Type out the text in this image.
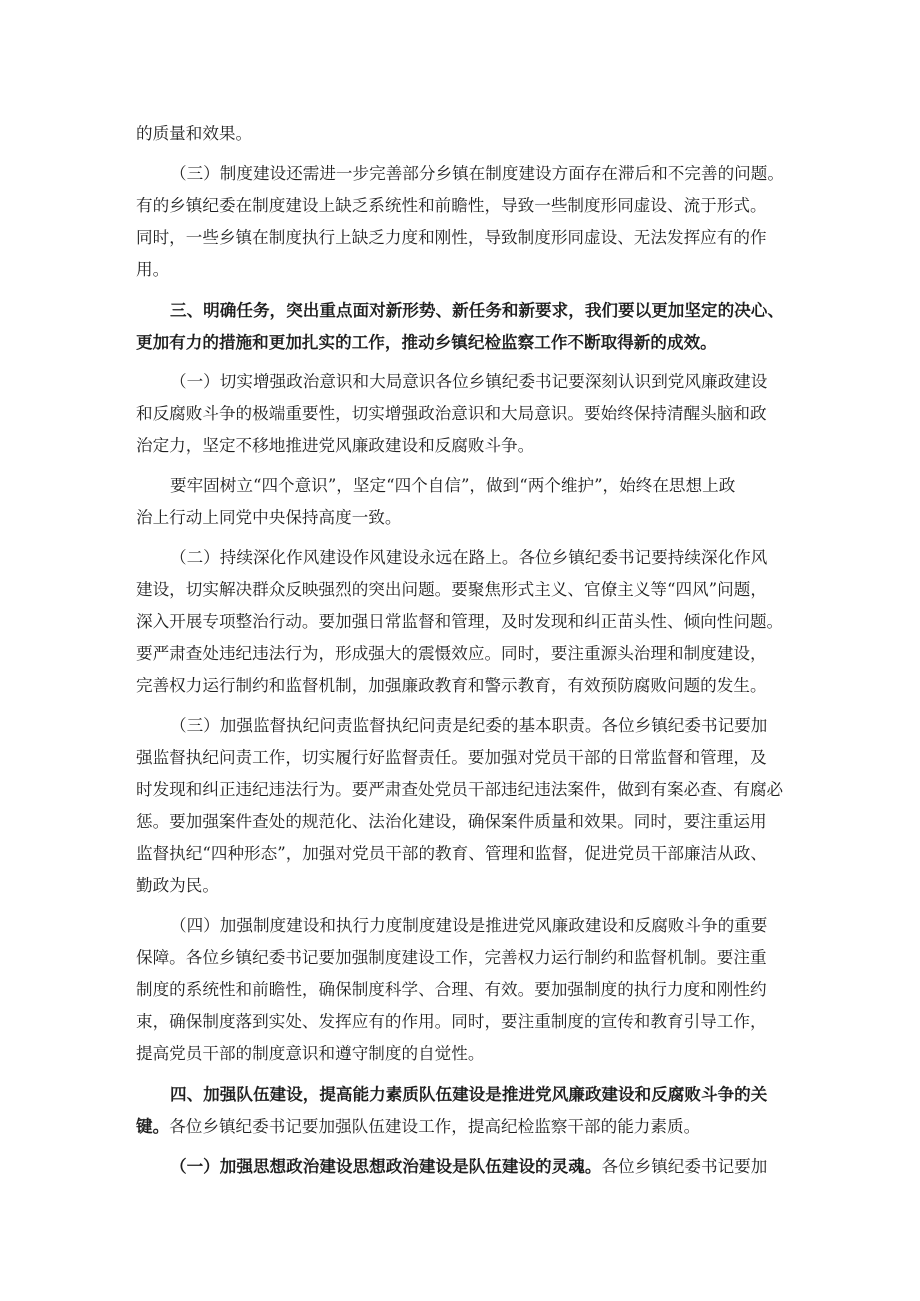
的质量和效果。
（三）制度建设还需进一步完善部分乡镇在制度建设方面存在滞后和不完善的问题。
有的乡镇纪委在制度建设上缺乏系统性和前瞻性，导致一些制度形同虚设、流于形式。
同时，一些乡镇在制度执行上缺乏力度和刚性，导致制度形同虚设、无法发挥应有的作
用。
三、明确任务，突出重点面对新形势、新任务和新要求，我们要以更加坚定的决心、
更加有力的措施和更加扎实的工作，推动乡镇纪检监察工作不断取得新的成效。
（一）切实增强政治意识和大局意识各位乡镇纪委书记要深刻认识到党风廉政建设
和反腐败斗争的极端重要性，切实增强政治意识和大局意识。要始终保持清醒头脑和政
治定力，坚定不移地推进党风廉政建设和反腐败斗争。
要牢固树立“四个意识”，坚定“四个自信”，做到“两个维护”，始终在思想上政
治上行动上同党中央保持高度一致。
（二）持续深化作风建设作风建设永远在路上。各位乡镇纪委书记要持续深化作风
建设，切实解决群众反映强烈的突出问题。要聚焦形式主义、官僚主义等“四风”问题，
深入开展专项整治行动。要加强日常监督和管理，及时发现和纠正苗头性、倾向性问题。
要严肃查处违纪违法行为，形成强大的震慑效应。同时，要注重源头治理和制度建设，
完善权力运行制约和监督机制，加强廉政教育和警示教育，有效预防腐败问题的发生。
（三）加强监督执纪问责监督执纪问责是纪委的基本职责。各位乡镇纪委书记要加
强监督执纪问责工作，切实履行好监督责任。要加强对党员干部的日常监督和管理，及
时发现和纠正违纪违法行为。要严肃查处党员干部违纪违法案件，做到有案必查、有腐必
惩。要加强案件查处的规范化、法治化建设，确保案件质量和效果。同时，要注重运用
监督执纪“四种形态”，加强对党员干部的教育、管理和监督，促进党员干部廉洁从政、
勤政为民。
（四）加强制度建设和执行力度制度建设是推进党风廉政建设和反腐败斗争的重要
保障。各位乡镇纪委书记要加强制度建设工作，完善权力运行制约和监督机制。要注重
制度的系统性和前瞻性，确保制度科学、合理、有效。要加强制度的执行力度和刚性约
束，确保制度落到实处、发挥应有的作用。同时，要注重制度的宣传和教育引导工作，
提高党员干部的制度意识和遵守制度的自觉性。
四、加强队伍建设，提高能力素质队伍建设是推进党风廉政建设和反腐败斗争的关
键。各位乡镇纪委书记要加强队伍建设工作，提高纪检监察干部的能力素质。
（一）加强思想政治建设思想政治建设是队伍建设的灵魂。各位乡镇纪委书记要加
